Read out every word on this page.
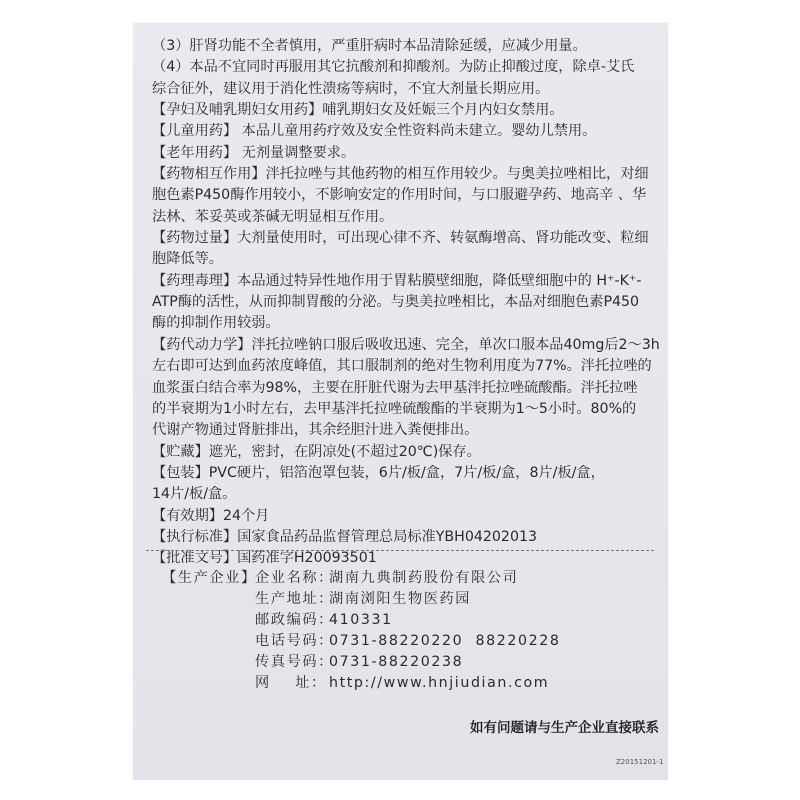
（3）肝肾功能不全者慎用，严重肝病时本品清除延缓，应减少用量。
（4）本品不宜同时再服用其它抗酸剂和抑酸剂。为防止抑酸过度，除卓-艾氏
综合征外，建议用于消化性溃疡等病时，不宜大剂量长期应用。
【孕妇及哺乳期妇女用药】哺乳期妇女及妊娠三个月内妇女禁用。
【儿童用药】 本品儿童用药疗效及安全性资料尚未建立。婴幼儿禁用。
【老年用药】 无剂量调整要求。
【药物相互作用】泮托拉唑与其他药物的相互作用较少。与奥美拉唑相比，对细
胞色素P450酶作用较小，不影响安定的作用时间，与口服避孕药、地高辛 、华
法林、苯妥英或茶碱无明显相互作用。
【药物过量】大剂量使用时，可出现心律不齐、转氨酶增高、肾功能改变、粒细
胞降低等。
【药理毒理】本品通过特异性地作用于胃粘膜壁细胞，降低壁细胞中的 H⁺-K⁺-
ATP酶的活性，从而抑制胃酸的分泌。与奥美拉唑相比，本品对细胞色素P450
酶的抑制作用较弱。
【药代动力学】泮托拉唑钠口服后吸收迅速、完全，单次口服本品40mg后2～3h
左右即可达到血药浓度峰值，其口服制剂的绝对生物利用度为77%。泮托拉唑的
血浆蛋白结合率为98%，主要在肝脏代谢为去甲基泮托拉唑硫酸酯。泮托拉唑
的半衰期为1小时左右，去甲基泮托拉唑硫酸酯的半衰期为1～5小时。80%的
代谢产物通过肾脏排出，其余经胆汁进入粪便排出。
【贮藏】遮光，密封，在阴凉处(不超过20℃)保存。
【包装】PVC硬片，铝箔泡罩包装，6片/板/盒，7片/板/盒，8片/板/盒，
14片/板/盒。
【有效期】24个月
【执行标准】国家食品药品监督管理总局标准YBH04202013
【批准文号】国药准字H20093501
【生产企业】
企业名称：湖南九典制药股份有限公司
生产地址：湖南浏阳生物医药园
邮政编码：410331
电话号码：0731-88220220  88220228
传真号码：0731-88220238
网    址： http://www.hnjiudian.com
如有问题请与生产企业直接联系
Z20151201-1
